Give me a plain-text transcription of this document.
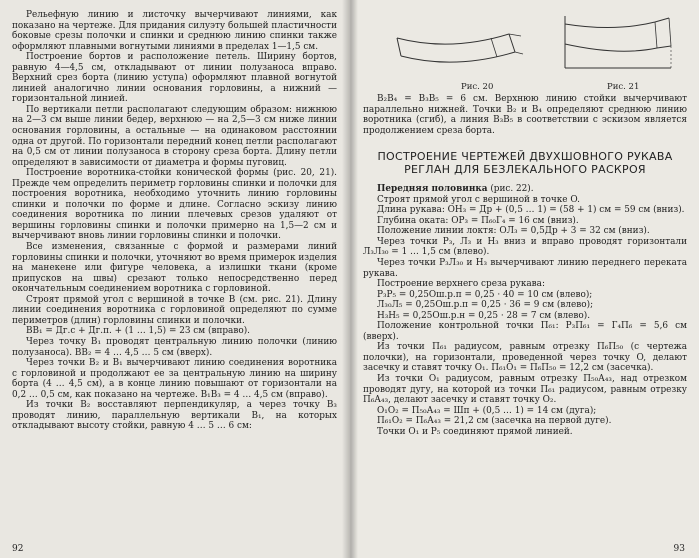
Рельефную линию и листочку вычерчивают линиями, как показано на чертеже. Для придания силуэту большей пластичности боковые срезы полочки и спинки и среднюю линию спинки также оформляют плавными вогнутыми линиями в пределах 1—1,5 см.

Построение бортов и расположение петель. Ширину бортов, равную 4—4,5 см, откладывают от линии полузаноса вправо. Верхний срез борта (линию уступа) оформляют плавной вогнутой линией аналогично линии основания горловины, а нижний — горизонтальной линией.

По вертикали петли располагают следующим образом: нижнюю на 2—3 см выше линии бедер, верхнюю — на 2,5—3 см ниже линии основания горловины, а остальные — на одинаковом расстоянии одна от другой. По горизонтали передний конец петли располагают на 0,5 см от линии полузаноса в сторону среза борта. Длину петли определяют в зависимости от диаметра и формы пуговиц.

Построение воротника-стойки конической формы (рис. 20, 21). Прежде чем определить периметр горловины спинки и полочки для построения воротника, необходимо уточнить линию горловины спинки и полочки по форме и длине. Согласно эскизу линию соединения воротника по линии плечевых срезов удаляют от вершины горловины спинки и полочки примерно на 1,5—2 см и вычерчивают вновь линии горловины спинки и полочки.

Все изменения, связанные с формой и размерами линий горловины спинки и полочки, уточняют во время примерок изделия на манекене или фигуре человека, а излишки ткани (кроме припусков на швы) срезают только непосредственно перед окончательным соединением воротника с горловиной.

Строят прямой угол с вершиной в точке B (см. рис. 21). Длину линии соединения воротника с горловиной определяют по сумме периметров (длин) горловины спинки и полочки.

BB₁ = Дг.с + Дг.п. + (1 … 1,5) = 23 см (вправо).

Через точку B₁ проводят центральную линию полочки (линию полузаноса). BB₂ = 4 … 4,5 … 5 см (вверх).

Через точки B₂ и B₁ вычерчивают линию соединения воротника с горловиной и продолжают ее за центральную линию на ширину борта (4 … 4,5 см), а в конце линию повышают от горизонтали на 0,2 … 0,5 см, как показано на чертеже. B₁B₃ = 4 … 4,5 см (вправо).

Из точки B₂ восставляют перпендикуляр, а через точку B₃ проводят линию, параллельную вертикали B₁, на которых откладывают высоту стойки, равную 4 … 5 … 6 см:

92
Рис. 20	Рис. 21

B₂B₄ = B₃B₅ = 6 см. Верхнюю линию стойки вычерчивают параллельно нижней. Точки B₂ и B₄ определяют среднюю линию воротника (сгиб), а линия B₃B₅ в соответствии с эскизом является продолжением среза борта.

ПОСТРОЕНИЕ ЧЕРТЕЖЕЙ ДВУХШОВНОГО РУКАВА РЕГЛАН ДЛЯ БЕЗЛЕКАЛЬНОГО РАСКРОЯ

Передняя половинка (рис. 22).

Строят прямой угол с вершиной в точке O.

Длина рукава: OH₃ = Др + (0,5 … 1) = (58 + 1) см = 59 см (вниз).

Глубина оката: OP₃ = П₆₀Г₄ = 16 см (вниз).

Положение линии локтя: OЛ₃ = 0,5Др + 3 = 32 см (вниз).

Через точки P₃, Л₃ и H₃ вниз и вправо проводят горизонтали Л₃Л₃₀ = 1 … 1,5 см (влево).

Через точки P₃Л₃₀ и H₃ вычерчивают линию переднего переката рукава.

Построение верхнего среза рукава:

P₃P₅ = 0,25Ош.р.п = 0,25 · 40 = 10 см (влево);

Л₃₀Л₅ = 0,25Ош.р.п = 0,25 · 36 = 9 см (влево);

H₃H₅ = 0,25Ош.р.н = 0,25 · 28 = 7 см (влево).

Положение контрольной точки П₆₁: P₃П₆₁ = Г₄П₆ = 5,6 см (вверх).

Из точки П₆₁ радиусом, равным отрезку П₆П₅₀ (с чертежа полочки), на горизонтали, проведенной через точку O, делают засечку и ставят точку O₁. П₆₁O₁ = П₆П₅₀ = 12,2 см (засечка).

Из точки O₁ радиусом, равным отрезку П₅₀А₄₃, над отрезком проводят дугу, на которой из точки П₆₁ радиусом, равным отрезку П₆А₄₃, делают засечку и ставят точку O₂.

O₁O₂ = П₅₀А₄₃ = Шп + (0,5 … 1) = 14 см (дуга);

П₆₁O₂ = П₆А₄₃ = 21,2 см (засечка на первой дуге).

Точки O₁ и P₅ соединяют прямой линией.

93
